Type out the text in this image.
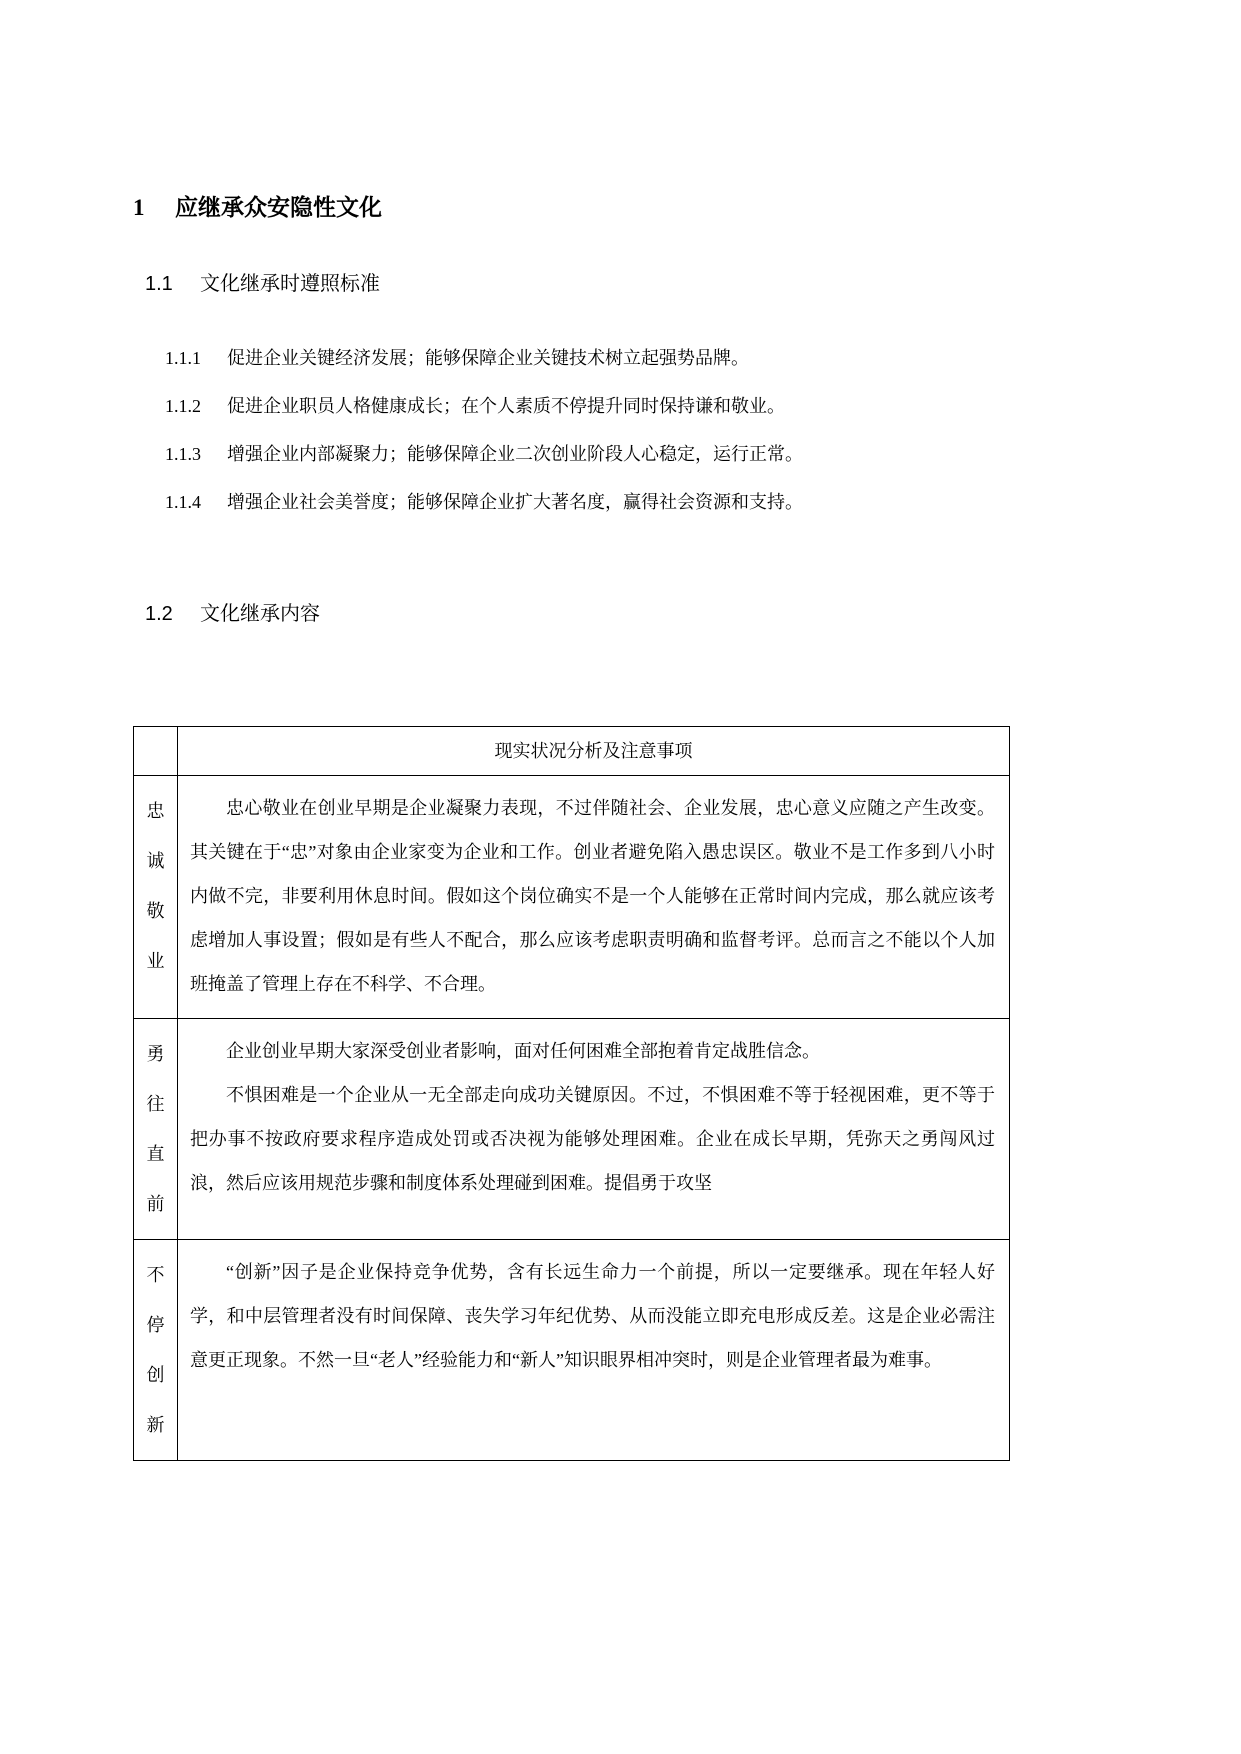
1	应继承众安隐性文化
1.1	文化继承时遵照标准
1.1.1	促进企业关键经济发展；能够保障企业关键技术树立起强势品牌。
1.1.2	促进企业职员人格健康成长；在个人素质不停提升同时保持谦和敬业。
1.1.3	增强企业内部凝聚力；能够保障企业二次创业阶段人心稳定，运行正常。
1.1.4	增强企业社会美誉度；能够保障企业扩大著名度，赢得社会资源和支持。
1.2	文化继承内容
	现实状况分析及注意事项
忠诚敬业	忠心敬业在创业早期是企业凝聚力表现，不过伴随社会、企业发展，忠心意义应随之产生改变。其关键在于“忠”对象由企业家变为企业和工作。创业者避免陷入愚忠误区。敬业不是工作多到八小时内做不完，非要利用休息时间。假如这个岗位确实不是一个人能够在正常时间内完成，那么就应该考虑增加人事设置；假如是有些人不配合，那么应该考虑职责明确和监督考评。总而言之不能以个人加班掩盖了管理上存在不科学、不合理。

勇往直前	企业创业早期大家深受创业者影响，面对任何困难全部抱着肯定战胜信念。

不惧困难是一个企业从一无全部走向成功关键原因。不过，不惧困难不等于轻视困难，更不等于把办事不按政府要求程序造成处罚或否决视为能够处理困难。企业在成长早期，凭弥天之勇闯风过浪，然后应该用规范步骤和制度体系处理碰到困难。提倡勇于攻坚

不停创新	“创新”因子是企业保持竞争优势，含有长远生命力一个前提，所以一定要继承。现在年轻人好学，和中层管理者没有时间保障、丧失学习年纪优势、从而没能立即充电形成反差。这是企业必需注意更正现象。不然一旦“老人”经验能力和“新人”知识眼界相冲突时，则是企业管理者最为难事。
